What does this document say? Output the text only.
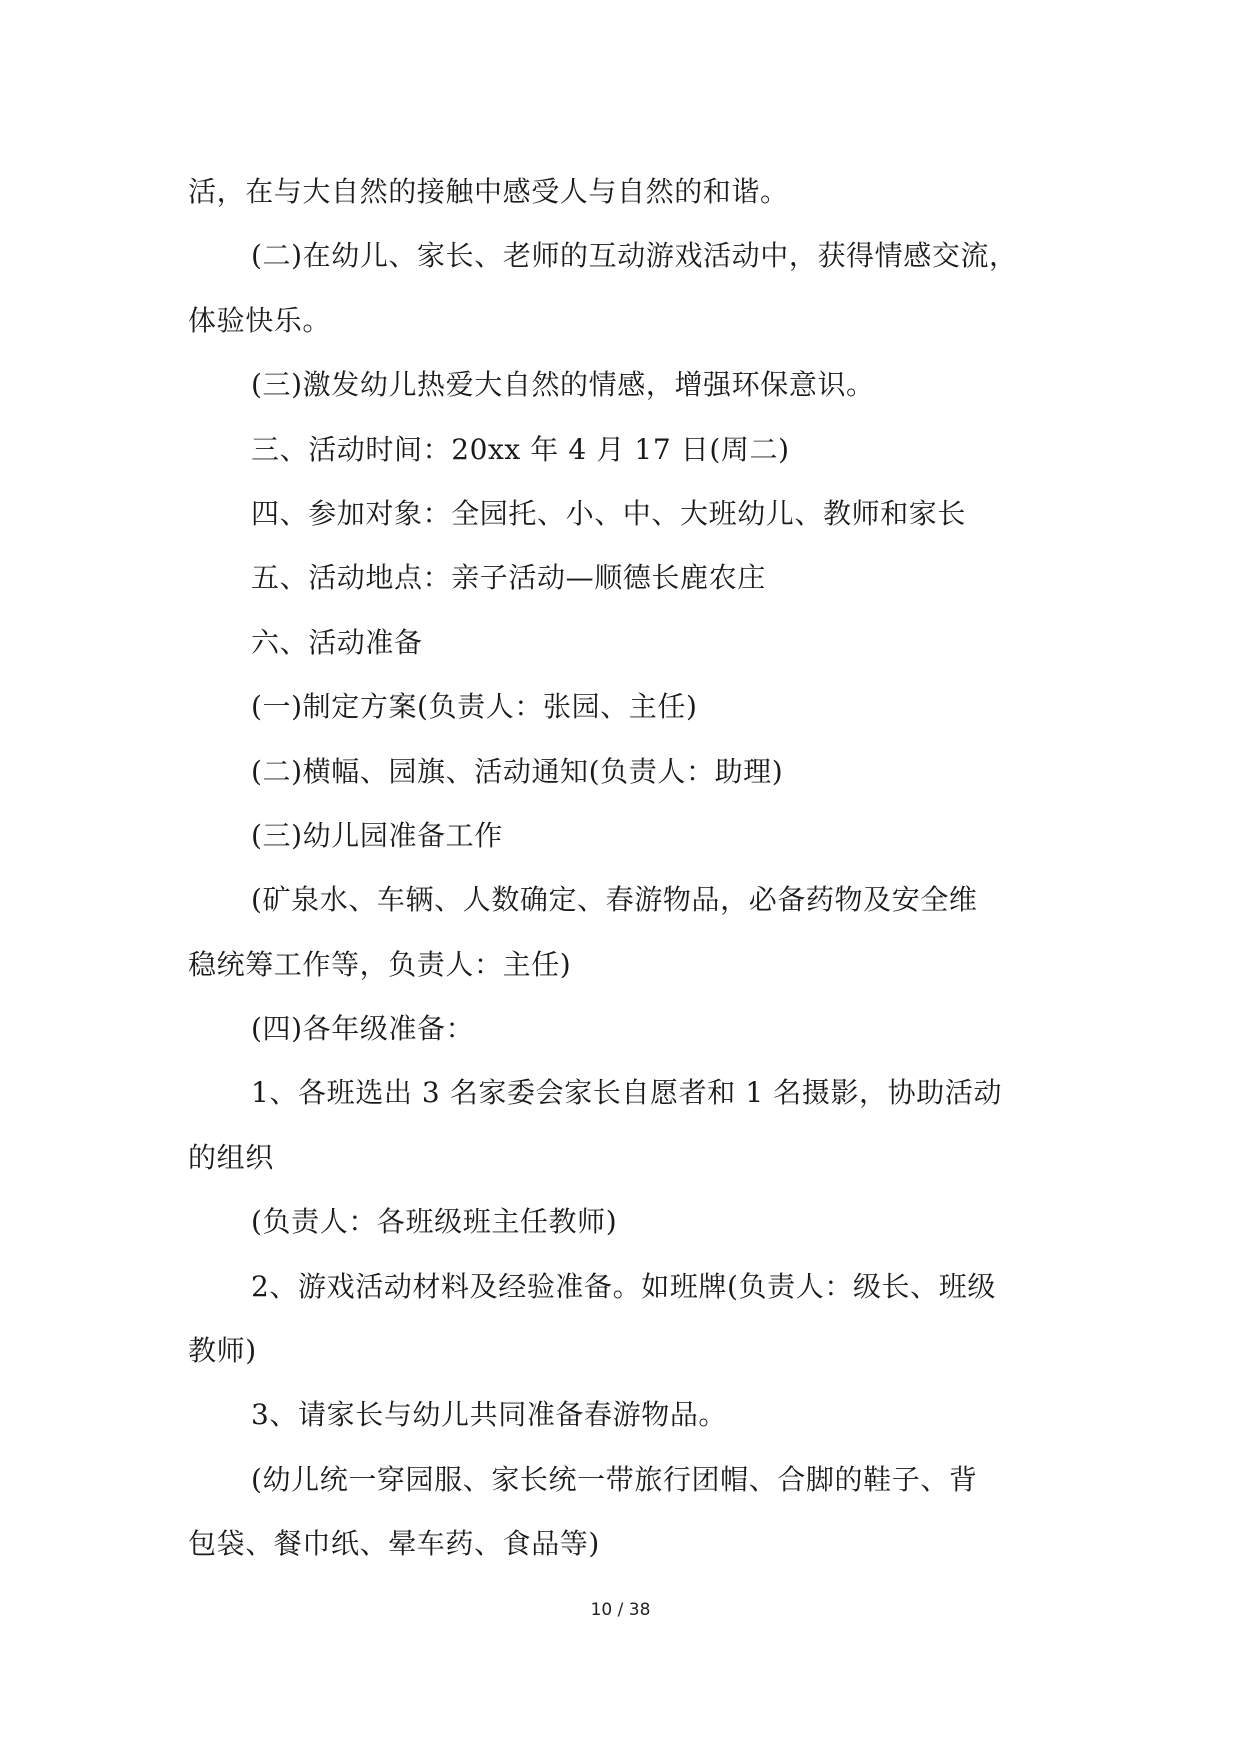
活，在与大自然的接触中感受人与自然的和谐。
(二)在幼儿、家长、老师的互动游戏活动中，获得情感交流，
体验快乐。
(三)激发幼儿热爱大自然的情感，增强环保意识。
三、活动时间：20xx 年 4 月 17 日(周二)
四、参加对象：全园托、小、中、大班幼儿、教师和家长
五、活动地点：亲子活动—顺德长鹿农庄
六、活动准备
(一)制定方案(负责人：张园、主任)
(二)横幅、园旗、活动通知(负责人：助理)
(三)幼儿园准备工作
(矿泉水、车辆、人数确定、春游物品，必备药物及安全维
稳统筹工作等，负责人：主任)
(四)各年级准备：
1、各班选出 3 名家委会家长自愿者和 1 名摄影，协助活动
的组织
(负责人：各班级班主任教师)
2、游戏活动材料及经验准备。如班牌(负责人：级长、班级
教师)
3、请家长与幼儿共同准备春游物品。
(幼儿统一穿园服、家长统一带旅行团帽、合脚的鞋子、背
包袋、餐巾纸、晕车药、食品等)
10 / 38
